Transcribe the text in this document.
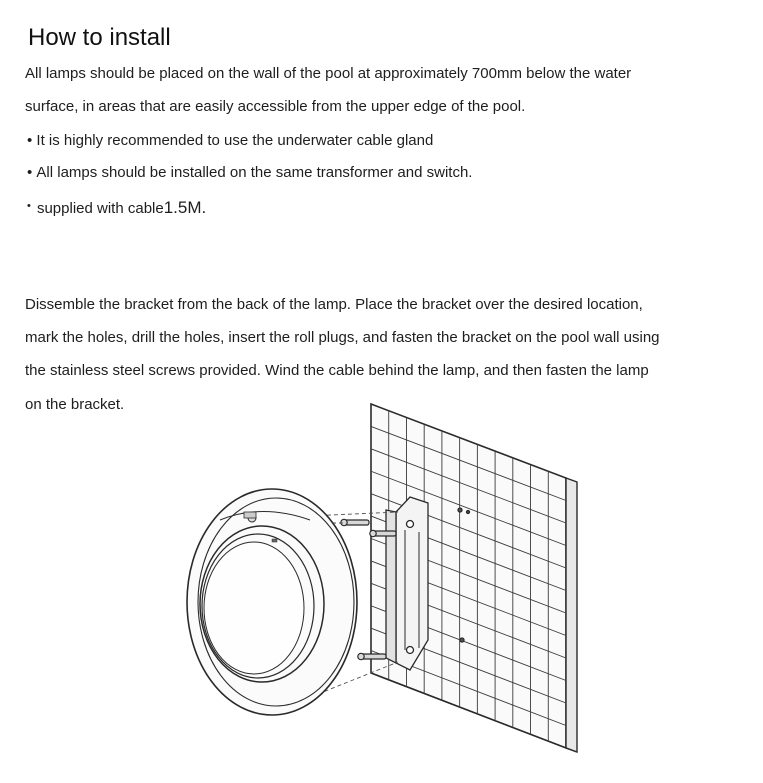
How to install
All lamps should be placed on the wall of the pool at approximately 700mm below the water
surface, in areas that are easily accessible from the upper edge of the pool.
• It is highly recommended to use the underwater cable gland
• All lamps should be installed on the same transformer and switch.
•  supplied with cable1.5M.
Dissemble the bracket from the back of the lamp. Place the bracket over the desired location,
mark the holes, drill the holes, insert the roll plugs, and fasten the bracket on the pool wall using
the stainless steel screws provided. Wind the cable behind the lamp, and then fasten the lamp
on the bracket.
